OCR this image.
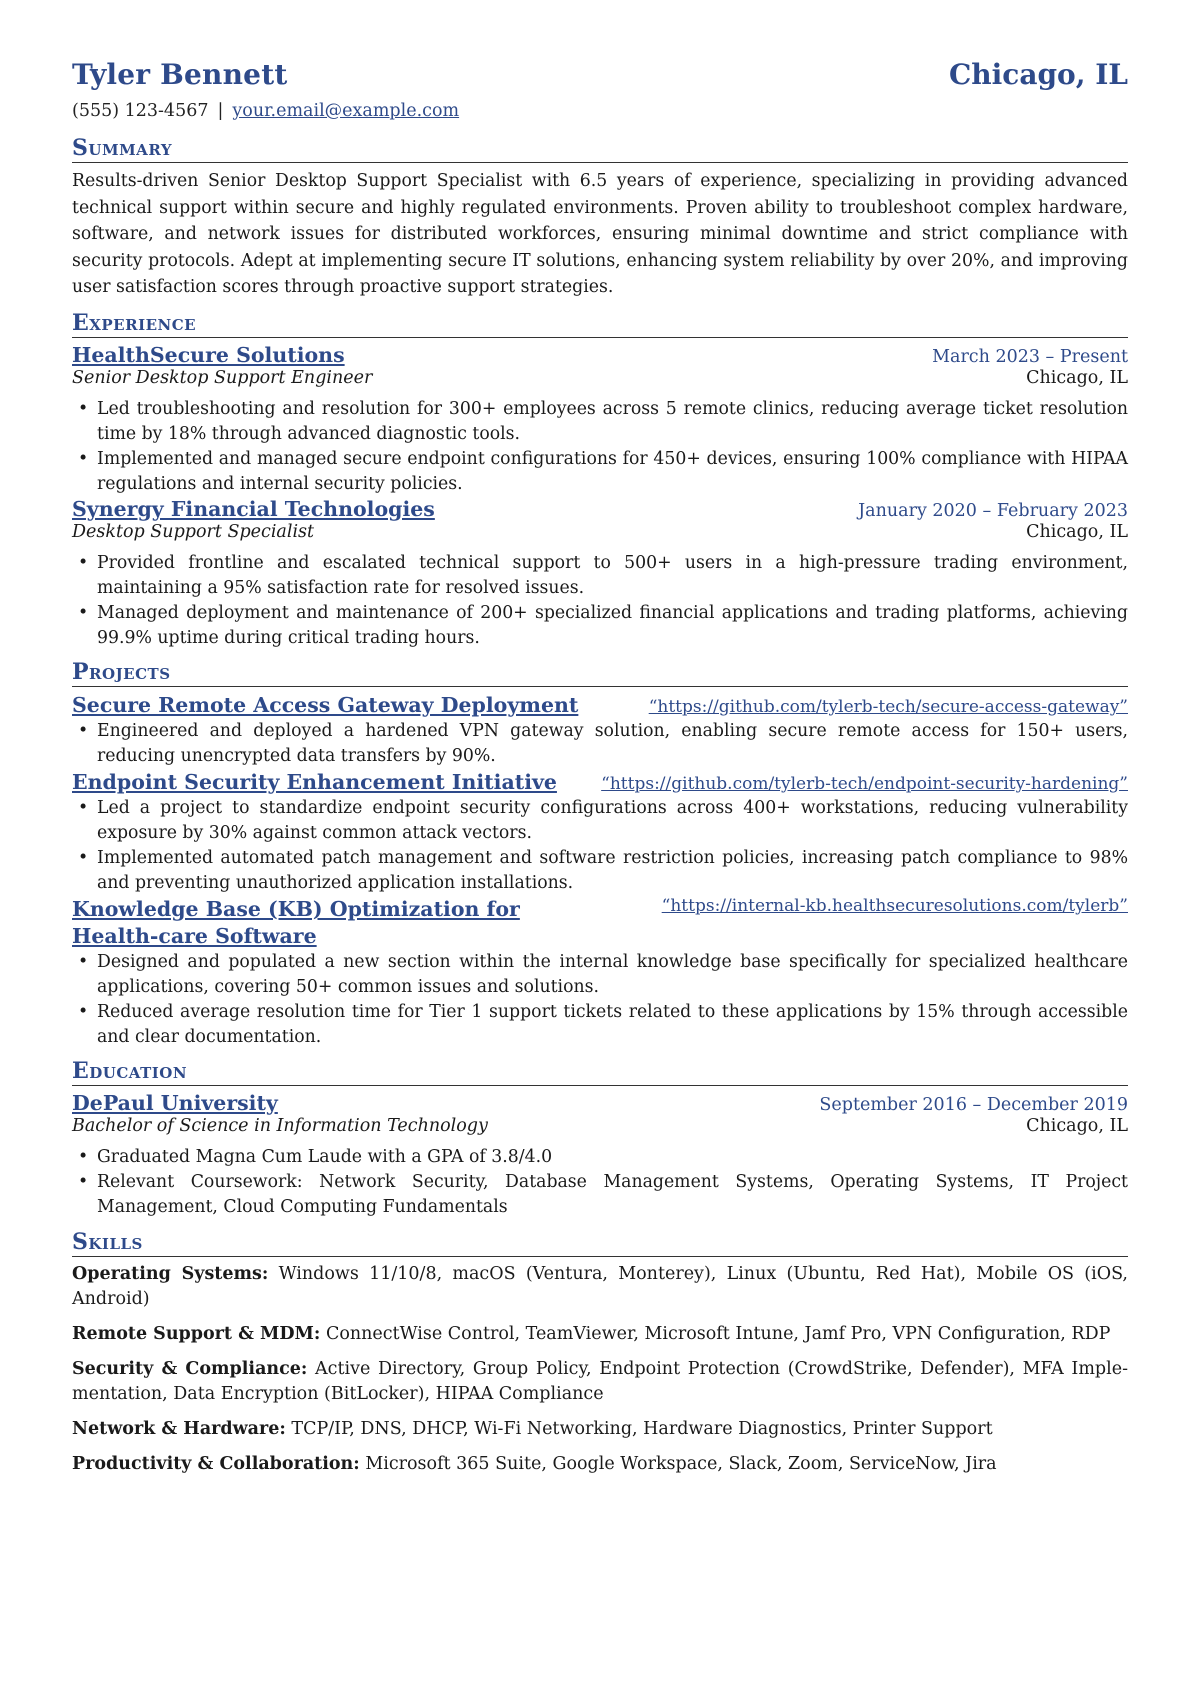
Tyler Bennett	Chicago, IL
(555) 123-4567 | your.email@example.com
Summary
Results-driven Senior Desktop Support Specialist with 6.5 years of experience, specializing in providing advanced technical support within secure and highly regulated environments. Proven ability to troubleshoot complex hardware, software, and network issues for distributed workforces, ensuring minimal downtime and strict compliance with security protocols. Adept at implementing secure IT solutions, enhancing system reliability by over 20%, and improving user satisfaction scores through proactive support strategies.
Experience
HealthSecure Solutions	March 2023 – Present
Senior Desktop Support Engineer	Chicago, IL
• Led troubleshooting and resolution for 300+ employees across 5 remote clinics, reducing average ticket resolution time by 18% through advanced diagnostic tools.
• Implemented and managed secure endpoint configurations for 450+ devices, ensuring 100% compliance with HIPAA regulations and internal security policies.
Synergy Financial Technologies	January 2020 – February 2023
Desktop Support Specialist	Chicago, IL
• Provided frontline and escalated technical support to 500+ users in a high-pressure trading environment, maintaining a 95% satisfaction rate for resolved issues.
• Managed deployment and maintenance of 200+ specialized financial applications and trading platforms, achieving 99.9% uptime during critical trading hours.
Projects
Secure Remote Access Gateway Deployment	“https://github.com/tylerb-tech/secure-access-gateway”
• Engineered and deployed a hardened VPN gateway solution, enabling secure remote access for 150+ users, reducing unencrypted data transfers by 90%.
Endpoint Security Enhancement Initiative	“https://github.com/tylerb-tech/endpoint-security-hardening”
• Led a project to standardize endpoint security configurations across 400+ workstations, reducing vulnerability exposure by 30% against common attack vectors.
• Implemented automated patch management and software restriction policies, increasing patch compliance to 98% and preventing unauthorized application installations.
Knowledge Base (KB) Optimization for Health-care Software
“https://internal-kb.healthsecuresolutions.com/tylerb”
• Designed and populated a new section within the internal knowledge base specifically for specialized healthcare applications, covering 50+ common issues and solutions.
• Reduced average resolution time for Tier 1 support tickets related to these applications by 15% through accessible and clear documentation.
Education
DePaul University	September 2016 – December 2019
Bachelor of Science in Information Technology	Chicago, IL
• Graduated Magna Cum Laude with a GPA of 3.8/4.0
• Relevant Coursework: Network Security, Database Management Systems, Operating Systems, IT Project Management, Cloud Computing Fundamentals
Skills
Operating Systems: Windows 11/10/8, macOS (Ventura, Monterey), Linux (Ubuntu, Red Hat), Mobile OS (iOS, Android)
Remote Support & MDM: ConnectWise Control, TeamViewer, Microsoft Intune, Jamf Pro, VPN Configuration, RDP
Security & Compliance: Active Directory, Group Policy, Endpoint Protection (CrowdStrike, Defender), MFA Imple-mentation, Data Encryption (BitLocker), HIPAA Compliance
Network & Hardware: TCP/IP, DNS, DHCP, Wi-Fi Networking, Hardware Diagnostics, Printer Support
Productivity & Collaboration: Microsoft 365 Suite, Google Workspace, Slack, Zoom, ServiceNow, Jira
